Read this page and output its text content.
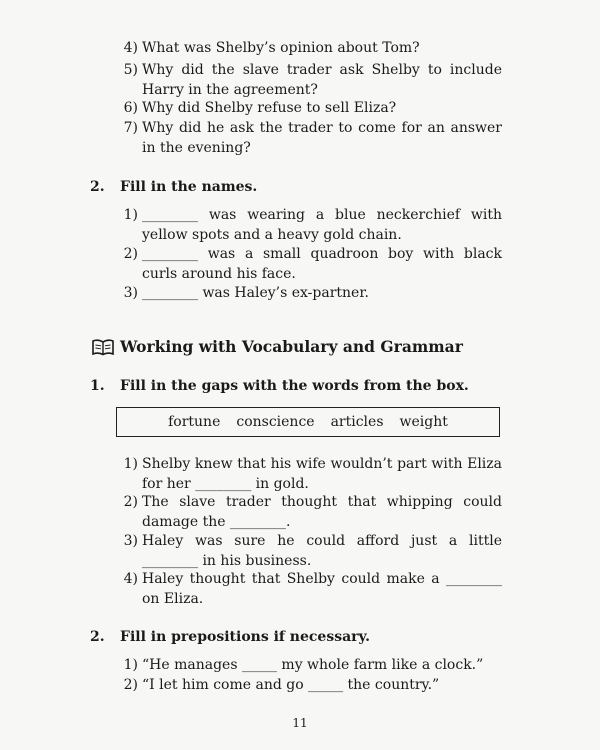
4) What was Shelby’s opinion about Tom?
5) Why did the slave trader ask Shelby to include Harry in the agreement?
6) Why did Shelby refuse to sell Eliza?
7) Why did he ask the trader to come for an answer in the evening?
2. Fill in the names.
1) ________ was wearing a blue neckerchief with yellow spots and a heavy gold chain.
2) ________ was a small quadroon boy with black curls around his face.
3) ________ was Haley’s ex-partner.
Working with Vocabulary and Grammar
1. Fill in the gaps with the words from the box.
fortune conscience articles weight
1) Shelby knew that his wife wouldn’t part with Eliza for her ________ in gold.
2) The slave trader thought that whipping could damage the ________.
3) Haley was sure he could afford just a little ________ in his business.
4) Haley thought that Shelby could make a ________ on Eliza.
2. Fill in prepositions if necessary.
1) “He manages _____ my whole farm like a clock.”
2) “I let him come and go _____ the country.”
11
